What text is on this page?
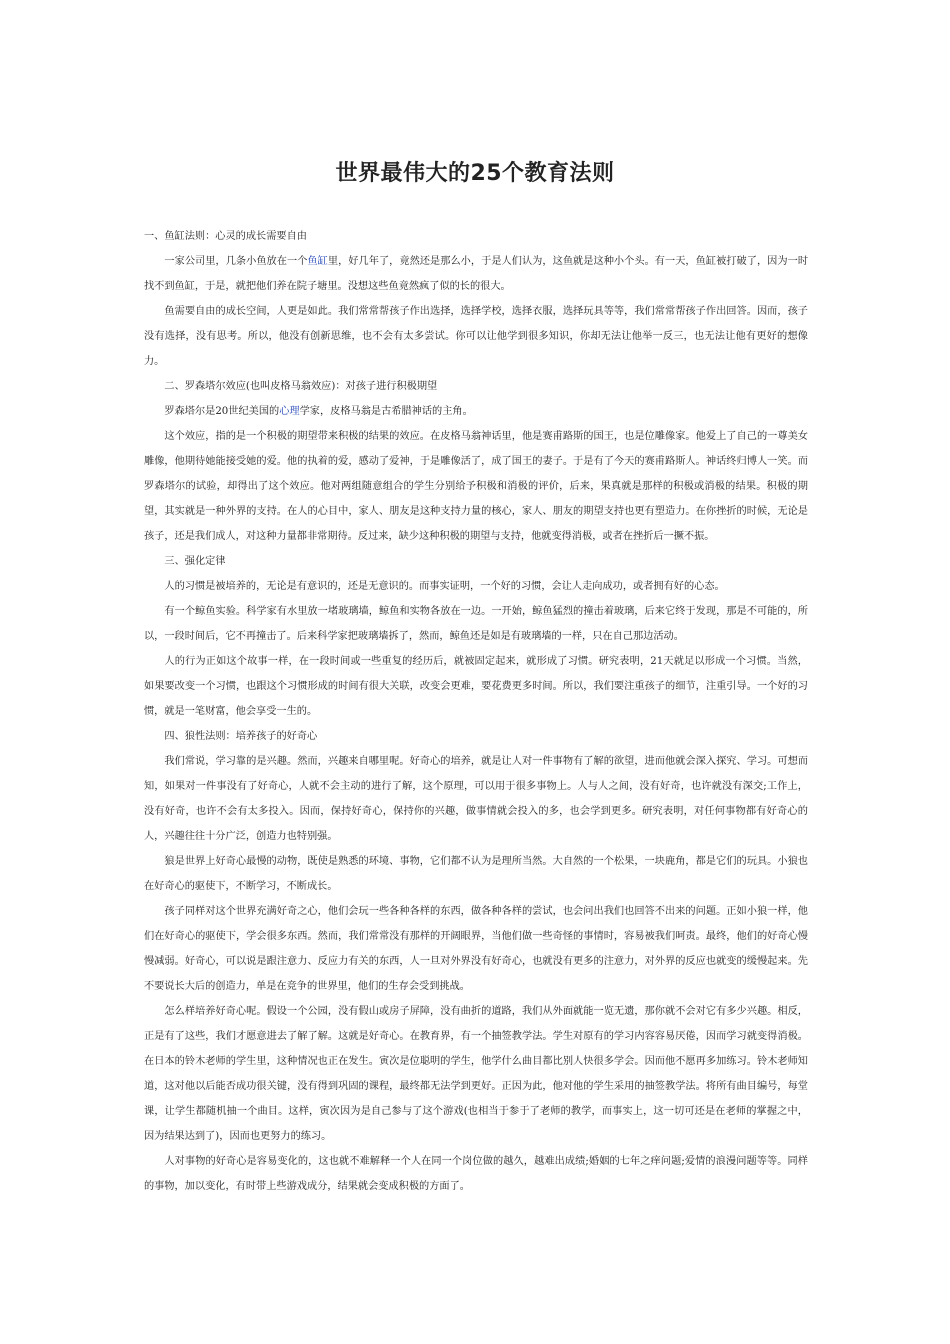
世界最伟大的25个教育法则

一、鱼缸法则：心灵的成长需要自由

一家公司里，几条小鱼放在一个鱼缸里，好几年了，竟然还是那么小，于是人们认为，这鱼就是这种小个头。有一天，鱼缸被打破了，因为一时找不到鱼缸，于是，就把他们养在院子塘里。没想这些鱼竟然疯了似的长的很大。

鱼需要自由的成长空间，人更是如此。我们常常帮孩子作出选择，选择学校，选择衣服，选择玩具等等，我们常常帮孩子作出回答。因而，孩子没有选择，没有思考。所以，他没有创新思维，也不会有太多尝试。你可以让他学到很多知识，你却无法让他举一反三，也无法让他有更好的想像力。

二、罗森塔尔效应(也叫皮格马翁效应)：对孩子进行积极期望

罗森塔尔是20世纪美国的心理学家，皮格马翁是古希腊神话的主角。

这个效应，指的是一个积极的期望带来积极的结果的效应。在皮格马翁神话里，他是赛甫路斯的国王，也是位雕像家。他爱上了自己的一尊美女雕像，他期待她能接受她的爱。他的执着的爱，感动了爱神，于是雕像活了，成了国王的妻子。于是有了今天的赛甫路斯人。神话终归博人一笑。而罗森塔尔的试验，却得出了这个效应。他对两组随意组合的学生分别给予积极和消极的评价，后来，果真就是那样的积极或消极的结果。积极的期望，其实就是一种外界的支持。在人的心目中，家人、朋友是这种支持力量的核心，家人、朋友的期望支持也更有塑造力。在你挫折的时候，无论是孩子，还是我们成人，对这种力量都非常期待。反过来，缺少这种积极的期望与支持，他就变得消极，或者在挫折后一撅不振。

三、强化定律

人的习惯是被培养的，无论是有意识的，还是无意识的。而事实证明，一个好的习惯，会让人走向成功，或者拥有好的心态。

有一个鲸鱼实验。科学家有水里放一堵玻璃墙，鲸鱼和实物各放在一边。一开始，鲸鱼猛烈的撞击着玻璃，后来它终于发现，那是不可能的，所以，一段时间后，它不再撞击了。后来科学家把玻璃墙拆了，然而，鲸鱼还是如是有玻璃墙的一样，只在自己那边活动。

人的行为正如这个故事一样，在一段时间或一些重复的经历后，就被固定起来，就形成了习惯。研究表明，21天就足以形成一个习惯。当然，如果要改变一个习惯，也跟这个习惯形成的时间有很大关联，改变会更难，要花费更多时间。所以，我们要注重孩子的细节，注重引导。一个好的习惯，就是一笔财富，他会享受一生的。

四、狼性法则：培养孩子的好奇心

我们常说，学习靠的是兴趣。然而，兴趣来自哪里呢。好奇心的培养，就是让人对一件事物有了解的欲望，进而他就会深入探究、学习。可想而知，如果对一件事没有了好奇心，人就不会主动的进行了解，这个原理，可以用于很多事物上。人与人之间，没有好奇，也许就没有深交;工作上，没有好奇，也许不会有太多投入。因而，保持好奇心，保持你的兴趣，做事情就会投入的多，也会学到更多。研究表明，对任何事物都有好奇心的人，兴趣往往十分广泛，创造力也特别强。

狼是世界上好奇心最慢的动物，既使是熟悉的环境、事物，它们都不认为是理所当然。大自然的一个松果，一块鹿角，都是它们的玩具。小狼也在好奇心的驱使下，不断学习，不断成长。

孩子同样对这个世界充满好奇之心，他们会玩一些各种各样的东西，做各种各样的尝试，也会问出我们也回答不出来的问题。正如小狼一样，他们在好奇心的驱使下，学会很多东西。然而，我们常常没有那样的开阔眼界，当他们做一些奇怪的事情时，容易被我们呵责。最终，他们的好奇心慢慢减弱。好奇心，可以说是跟注意力、反应力有关的东西，人一旦对外界没有好奇心，也就没有更多的注意力，对外界的反应也就变的缓慢起来。先不要说长大后的创造力，单是在竞争的世界里，他们的生存会受到挑战。

怎么样培养好奇心呢。假设一个公园，没有假山或房子屏障，没有曲折的道路，我们从外面就能一览无遗，那你就不会对它有多少兴趣。相反，正是有了这些，我们才愿意进去了解了解。这就是好奇心。在教育界，有一个抽签教学法。学生对原有的学习内容容易厌倦，因而学习就变得消极。在日本的铃木老师的学生里，这种情况也正在发生。寅次是位聪明的学生，他学什么曲目都比别人快很多学会。因而他不愿再多加练习。铃木老师知道，这对他以后能否成功很关键，没有得到巩固的课程，最终都无法学到更好。正因为此，他对他的学生采用的抽签教学法。将所有曲目编号，每堂课，让学生都随机抽一个曲目。这样，寅次因为是自己参与了这个游戏(也相当于参于了老师的教学，而事实上，这一切可还是在老师的掌握之中，因为结果达到了)，因而也更努力的练习。

人对事物的好奇心是容易变化的，这也就不难解释一个人在同一个岗位做的越久，越难出成绩;婚姻的七年之痒问题;爱情的浪漫问题等等。同样的事物，加以变化，有时带上些游戏成分，结果就会变成积极的方面了。
